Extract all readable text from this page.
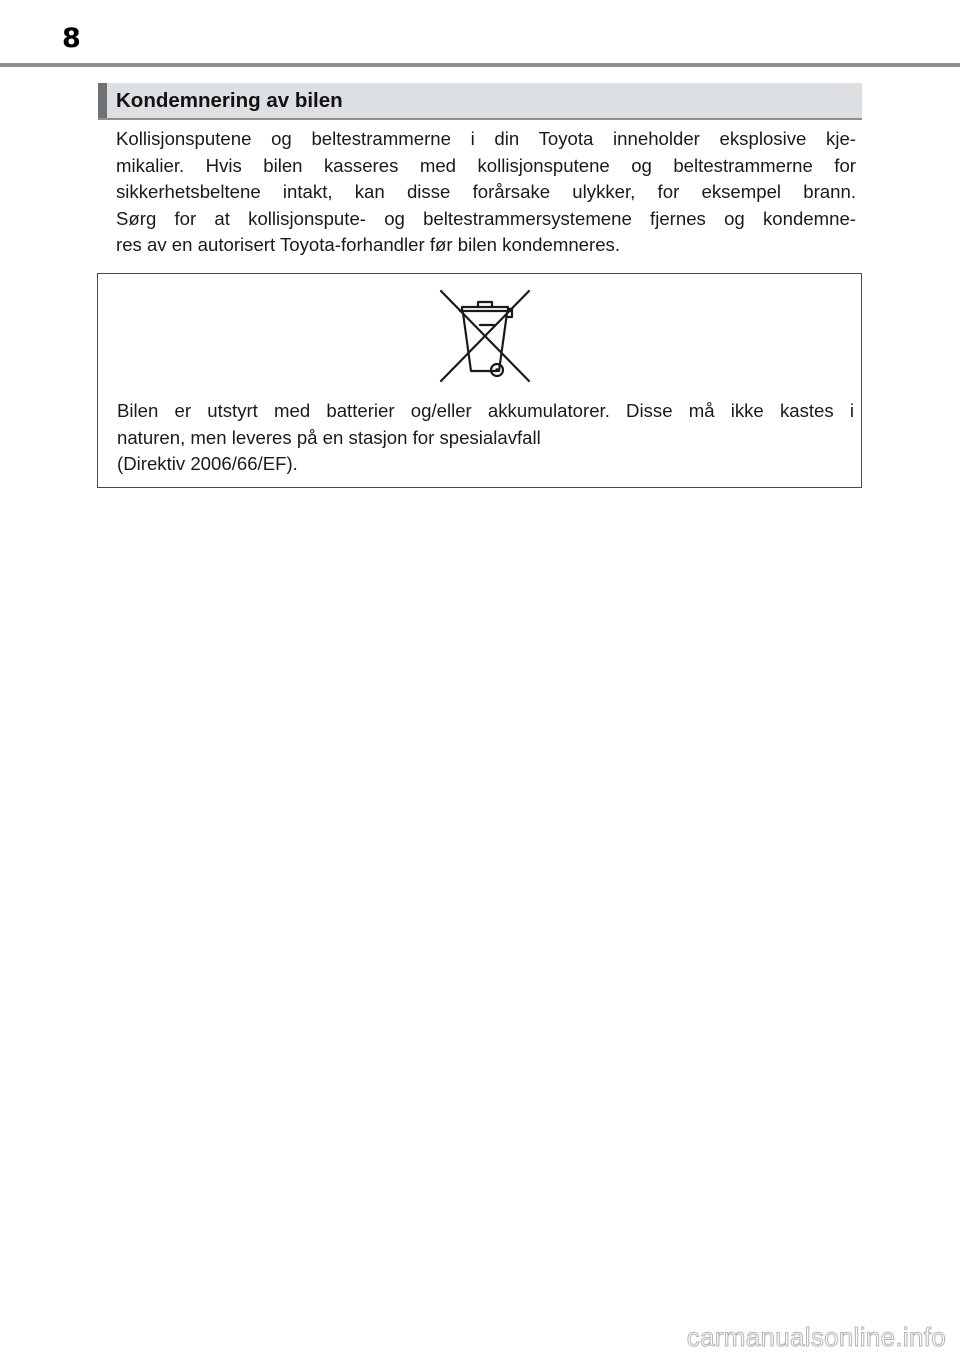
8
Kondemnering av bilen
Kollisjonsputene og beltestrammerne i din Toyota inneholder eksplosive kje-
mikalier. Hvis bilen kasseres med kollisjonsputene og beltestrammerne for
sikkerhetsbeltene intakt, kan disse forårsake ulykker, for eksempel brann.
Sørg for at kollisjonspute- og beltestrammersystemene fjernes og kondemne-
res av en autorisert Toyota-forhandler før bilen kondemneres.
Bilen er utstyrt med batterier og/eller akkumulatorer. Disse må ikke kastes i
naturen, men leveres på en stasjon for spesialavfall
(Direktiv 2006/66/EF).
carmanualsonline.info
